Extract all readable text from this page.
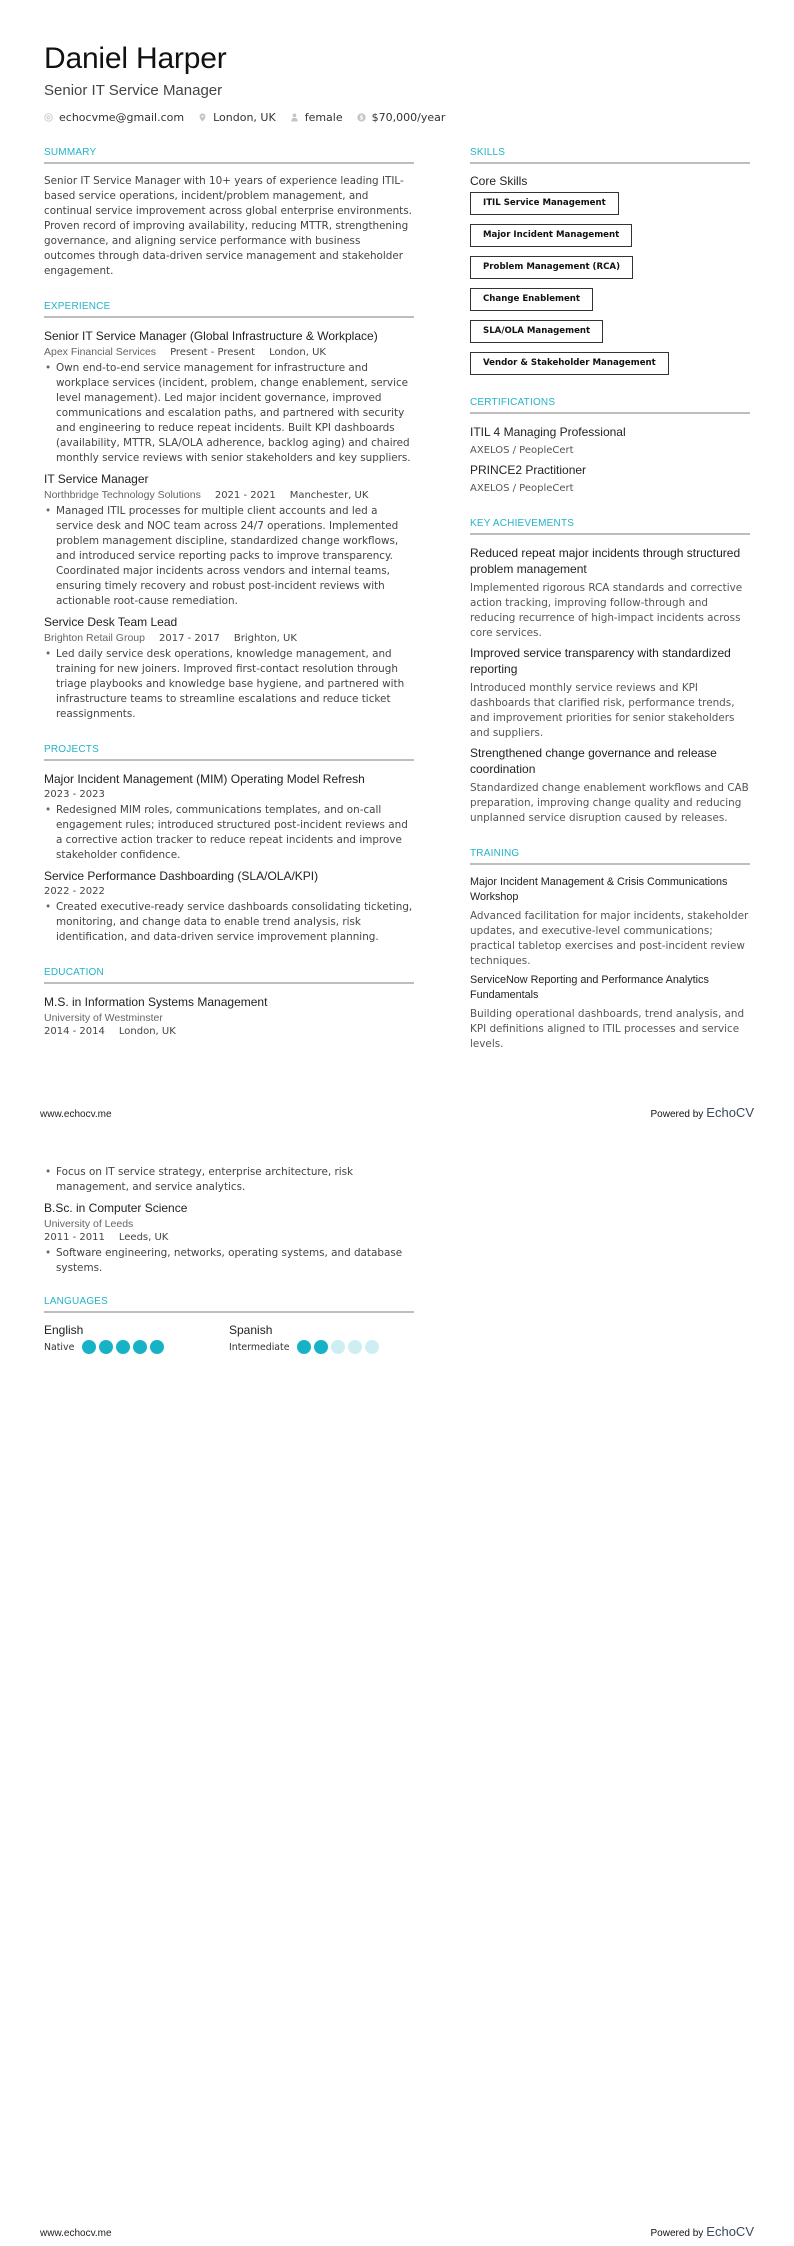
Daniel Harper
Senior IT Service Manager
echocvme@gmail.com	London, UK	female	$ $70,000/year
SUMMARY
Senior IT Service Manager with 10+ years of experience leading ITIL-based service operations, incident/problem management, and continual service improvement across global enterprise environments. Proven record of improving availability, reducing MTTR, strengthening governance, and aligning service performance with business outcomes through data-driven service management and stakeholder engagement.
EXPERIENCE
Senior IT Service Manager (Global Infrastructure & Workplace)
Apex Financial Services Present - Present London, UK
• Own end-to-end service management for infrastructure and workplace services (incident, problem, change enablement, service level management). Led major incident governance, improved communications and escalation paths, and partnered with security and engineering to reduce repeat incidents. Built KPI dashboards (availability, MTTR, SLA/OLA adherence, backlog aging) and chaired monthly service reviews with senior stakeholders and key suppliers.
IT Service Manager
Northbridge Technology Solutions 2021 - 2021 Manchester, UK
• Managed ITIL processes for multiple client accounts and led a service desk and NOC team across 24/7 operations. Implemented problem management discipline, standardized change workflows, and introduced service reporting packs to improve transparency. Coordinated major incidents across vendors and internal teams, ensuring timely recovery and robust post-incident reviews with actionable root-cause remediation.
Service Desk Team Lead
Brighton Retail Group 2017 - 2017 Brighton, UK
• Led daily service desk operations, knowledge management, and training for new joiners. Improved first-contact resolution through triage playbooks and knowledge base hygiene, and partnered with infrastructure teams to streamline escalations and reduce ticket reassignments.
PROJECTS
Major Incident Management (MIM) Operating Model Refresh
2023 - 2023
• Redesigned MIM roles, communications templates, and on-call engagement rules; introduced structured post-incident reviews and a corrective action tracker to reduce repeat incidents and improve stakeholder confidence.
Service Performance Dashboarding (SLA/OLA/KPI)
2022 - 2022
• Created executive-ready service dashboards consolidating ticketing, monitoring, and change data to enable trend analysis, risk identification, and data-driven service improvement planning.
EDUCATION
M.S. in Information Systems Management
University of Westminster
2014 - 2014 London, UK
SKILLS
Core Skills
ITIL Service Management
Major Incident Management
Problem Management (RCA)
Change Enablement
SLA/OLA Management
Vendor & Stakeholder Management
CERTIFICATIONS
ITIL 4 Managing Professional
AXELOS / PeopleCert
PRINCE2 Practitioner
AXELOS / PeopleCert
KEY ACHIEVEMENTS
Reduced repeat major incidents through structured problem management
Implemented rigorous RCA standards and corrective action tracking, improving follow-through and reducing recurrence of high-impact incidents across core services.
Improved service transparency with standardized reporting
Introduced monthly service reviews and KPI dashboards that clarified risk, performance trends, and improvement priorities for senior stakeholders and suppliers.
Strengthened change governance and release coordination
Standardized change enablement workflows and CAB preparation, improving change quality and reducing unplanned service disruption caused by releases.
TRAINING
Major Incident Management & Crisis Communications Workshop
Advanced facilitation for major incidents, stakeholder updates, and executive-level communications; practical tabletop exercises and post-incident review techniques.
ServiceNow Reporting and Performance Analytics Fundamentals
Building operational dashboards, trend analysis, and KPI definitions aligned to ITIL processes and service levels.
www.echocv.me	Powered by EchoCV
• Focus on IT service strategy, enterprise architecture, risk management, and service analytics.
B.Sc. in Computer Science
University of Leeds
2011 - 2011 Leeds, UK
• Software engineering, networks, operating systems, and database systems.
LANGUAGES
English
Native
Spanish
Intermediate
www.echocv.me	Powered by EchoCV
